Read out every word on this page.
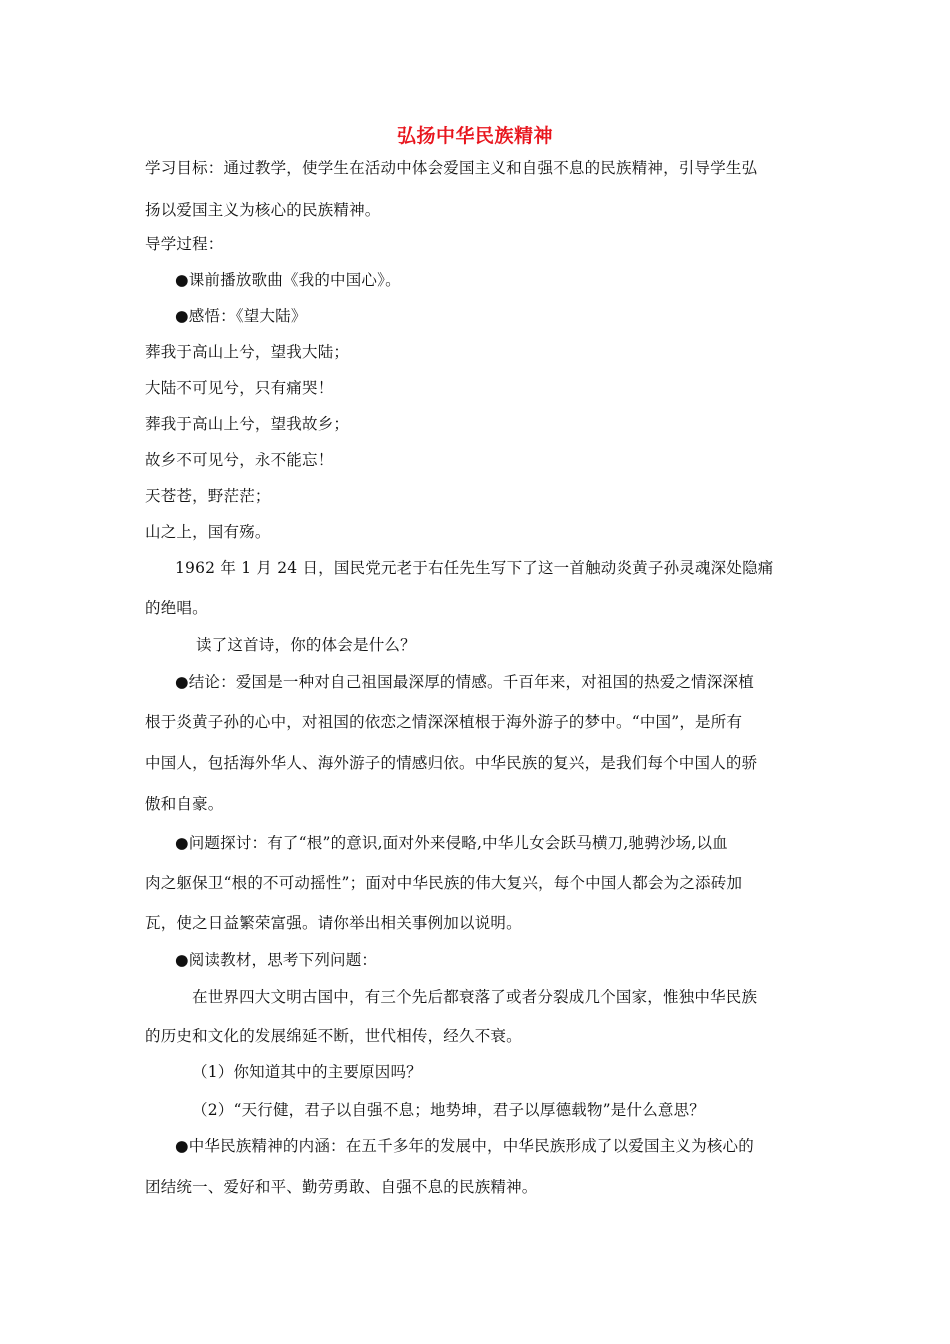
弘扬中华民族精神
学习目标：通过教学，使学生在活动中体会爱国主义和自强不息的民族精神，引导学生弘
扬以爱国主义为核心的民族精神。
导学过程：
●课前播放歌曲《我的中国心》。
●感悟：《望大陆》
葬我于高山上兮，望我大陆；
大陆不可见兮，只有痛哭！
葬我于高山上兮，望我故乡；
故乡不可见兮，永不能忘！
天苍苍，野茫茫；
山之上，国有殇。
1962 年 1 月 24 日，国民党元老于右任先生写下了这一首触动炎黄子孙灵魂深处隐痛
的绝唱。
读了这首诗，你的体会是什么？
●结论：爱国是一种对自己祖国最深厚的情感。千百年来，对祖国的热爱之情深深植
根于炎黄子孙的心中，对祖国的依恋之情深深植根于海外游子的梦中。“中国”，是所有
中国人，包括海外华人、海外游子的情感归依。中华民族的复兴，是我们每个中国人的骄
傲和自豪。
●问题探讨：有了“根”的意识,面对外来侵略,中华儿女会跃马横刀,驰骋沙场,以血
肉之躯保卫“根的不可动摇性”；面对中华民族的伟大复兴，每个中国人都会为之添砖加
瓦，使之日益繁荣富强。请你举出相关事例加以说明。
●阅读教材，思考下列问题：
在世界四大文明古国中，有三个先后都衰落了或者分裂成几个国家，惟独中华民族
的历史和文化的发展绵延不断，世代相传，经久不衰。
（1）你知道其中的主要原因吗？
（2）“天行健，君子以自强不息；地势坤，君子以厚德载物”是什么意思？
●中华民族精神的内涵：在五千多年的发展中，中华民族形成了以爱国主义为核心的
团结统一、爱好和平、勤劳勇敢、自强不息的民族精神。
